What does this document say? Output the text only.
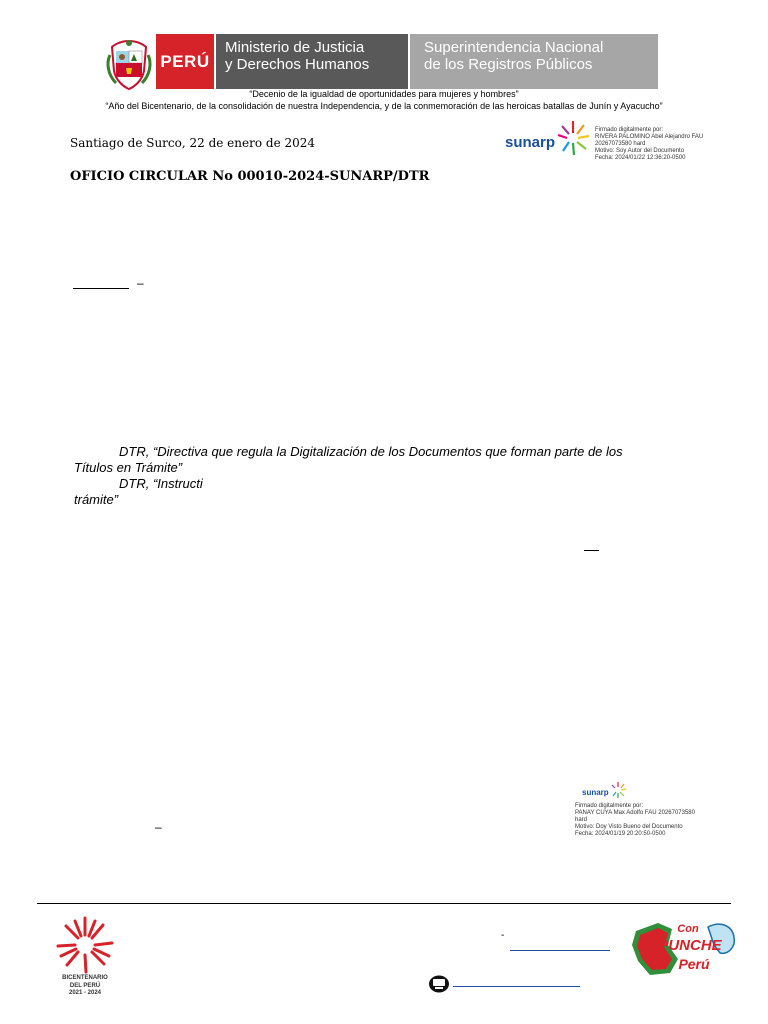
PERÚ
Ministerio de Justicia
y Derechos Humanos
Superintendencia Nacional
de los Registros Públicos
“Decenio de la igualdad de oportunidades para mujeres y hombres”
“Año del Bicentenario, de la consolidación de nuestra Independencia, y de la conmemoración de las heroicas batallas de Junín y Ayacucho”
Santiago de Surco, 22 de enero de 2024
OFICIO CIRCULAR No 00010-2024-SUNARP/DTR
sunarp
Firmado digitalmente por:
RIVERA PALOMINO Abel Alejandro FAU
20267073580 hard
Motivo: Soy Autor del Documento
Fecha: 2024/01/22 12:36:20-0500
–
DTR, “Directiva que regula la Digitalización de los Documentos que forman parte de los
Títulos en Trámite”
DTR, “Instructi
trámite”
sunarp
Firmado digitalmente por:
PANAY CUYA Max Adolfo FAU 20267073580
hard
Motivo: Doy Visto Bueno del Documento
Fecha: 2024/01/19 20:20:50-0500
–
BICENTENARIO
DEL PERÚ
2021 - 2024
-
Con
PUNCHE
Perú
